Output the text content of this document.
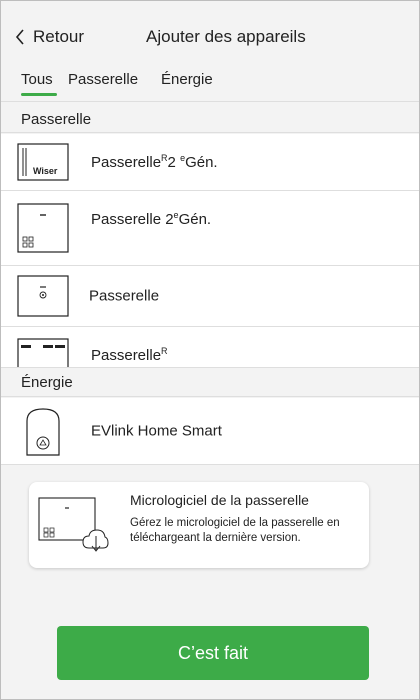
Retour	Ajouter des appareils
Tous Passerelle Énergie
Passerelle
Wiser Passerelle$^R$2 $^e$Gén.
Passerelle 2eGén.
Passerelle
Passerelle$^R$
Énergie
EVlink Home Smart
Micrologiciel de la passerelle
Gérez le micrologiciel de la passerelle en téléchargeant la dernière version.
C’est fait
